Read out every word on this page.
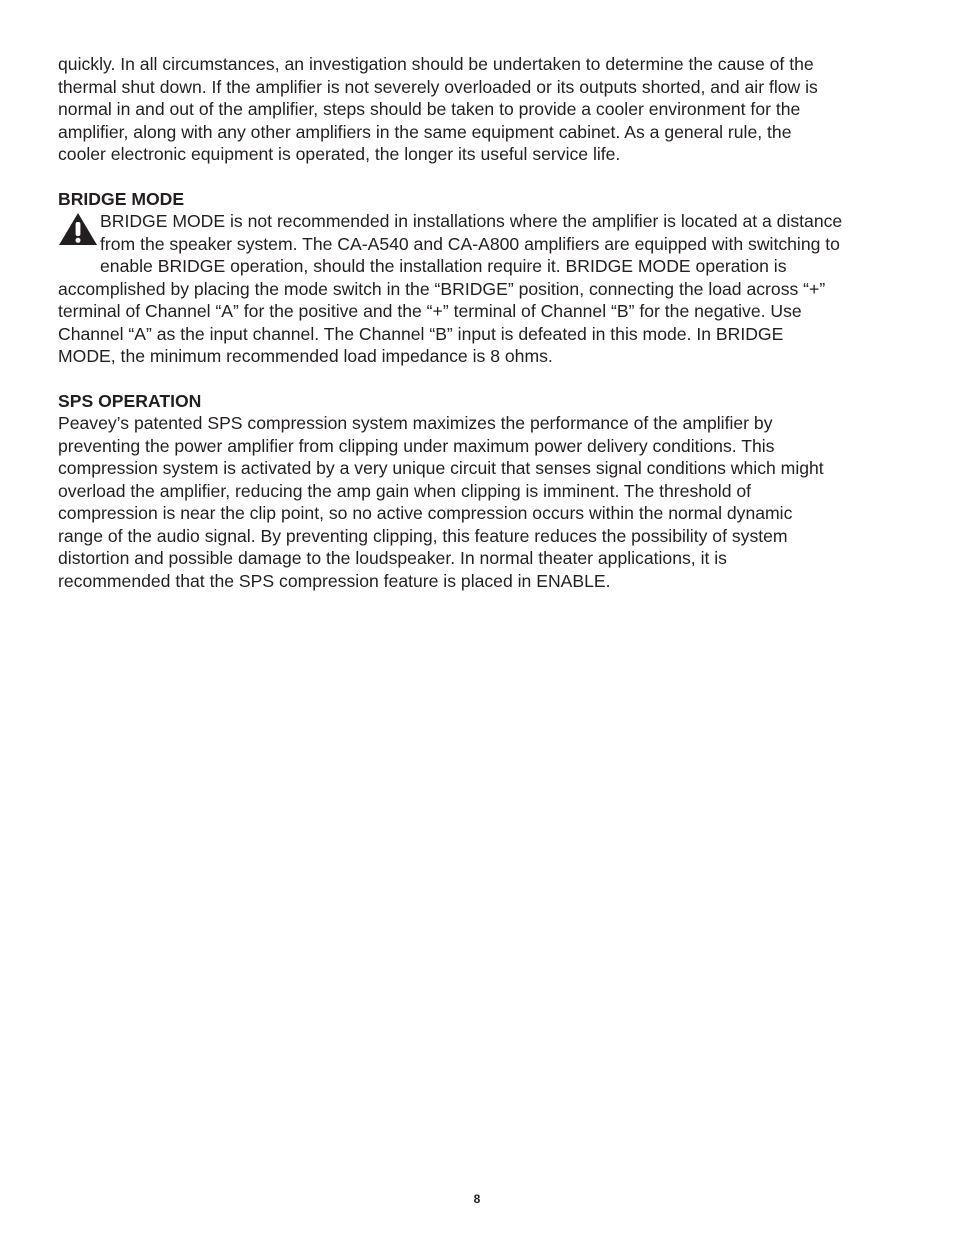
quickly. In all circumstances, an investigation should be undertaken to determine the cause of the
thermal shut down. If the amplifier is not severely overloaded or its outputs shorted, and air flow is
normal in and out of the amplifier, steps should be taken to provide a cooler environment for the
amplifier, along with any other amplifiers in the same equipment cabinet. As a general rule, the
cooler electronic equipment is operated, the longer its useful service life.

BRIDGE MODE

BRIDGE MODE is not recommended in installations where the amplifier is located at a distance
from the speaker system. The CA-A540 and CA-A800 amplifiers are equipped with switching to
enable BRIDGE operation, should the installation require it. BRIDGE MODE operation is

accomplished by placing the mode switch in the “BRIDGE” position, connecting the load across “+”
terminal of Channel “A” for the positive and the “+” terminal of Channel “B” for the negative. Use
Channel “A” as the input channel. The Channel “B” input is defeated in this mode. In BRIDGE
MODE, the minimum recommended load impedance is 8 ohms.

SPS OPERATION

Peavey’s patented SPS compression system maximizes the performance of the amplifier by
preventing the power amplifier from clipping under maximum power delivery conditions. This
compression system is activated by a very unique circuit that senses signal conditions which might
overload the amplifier, reducing the amp gain when clipping is imminent. The threshold of
compression is near the clip point, so no active compression occurs within the normal dynamic
range of the audio signal. By preventing clipping, this feature reduces the possibility of system
distortion and possible damage to the loudspeaker. In normal theater applications, it is
recommended that the SPS compression feature is placed in ENABLE.

8
